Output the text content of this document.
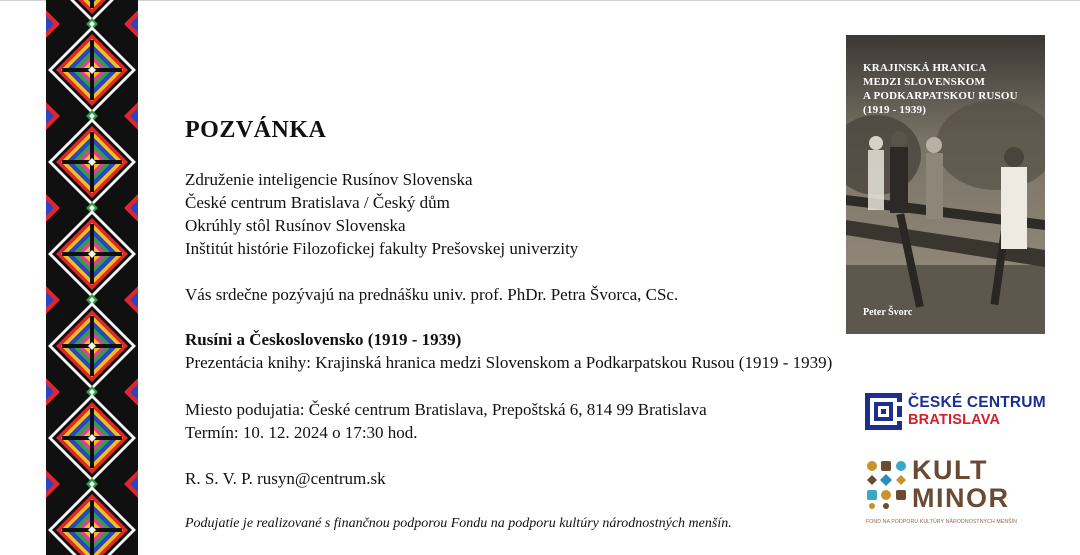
POZVÁNKA
Združenie inteligencie Rusínov Slovenska
České centrum Bratislava / Český dům
Okrúhly stôl Rusínov Slovenska
Inštitút histórie Filozofickej fakulty Prešovskej univerzity
Vás srdečne pozývajú na prednášku univ. prof. PhDr. Petra Švorca, CSc.
Rusíni a Československo (1919 - 1939)
Prezentácia knihy: Krajinská hranica medzi Slovenskom a Podkarpatskou Rusou (1919 - 1939)
Miesto podujatia: České centrum Bratislava, Prepoštská 6, 814 99 Bratislava
Termín: 10. 12. 2024 o 17:30 hod.
R. S. V. P. rusyn@centrum.sk
Podujatie je realizované s finančnou podporou Fondu na podporu kultúry národnostných menšín.
KRAJINSKÁ HRANICA
MEDZI SLOVENSKOM
A PODKARPATSKOU RUSOU
(1919 - 1939)
Peter Švorc
ČESKÉ CENTRUM
BRATISLAVA
KULT
MINOR
FOND NA PODPORU KULTÚRY NÁRODNOSTNÝCH MENŠÍN
